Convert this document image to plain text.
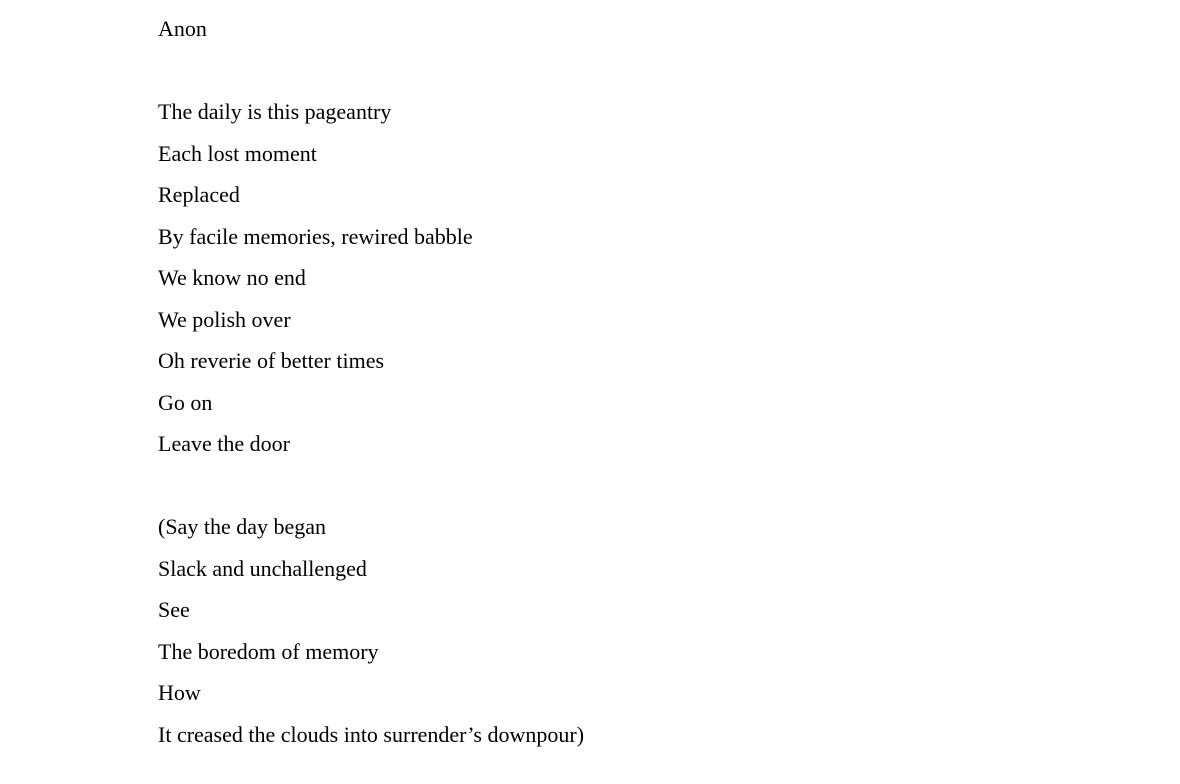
Anon
The daily is this pageantry
Each lost moment
Replaced
By facile memories, rewired babble
We know no end
We polish over
Oh reverie of better times
Go on
Leave the door
(Say the day began
Slack and unchallenged
See
The boredom of memory
How
It creased the clouds into surrender’s downpour)
